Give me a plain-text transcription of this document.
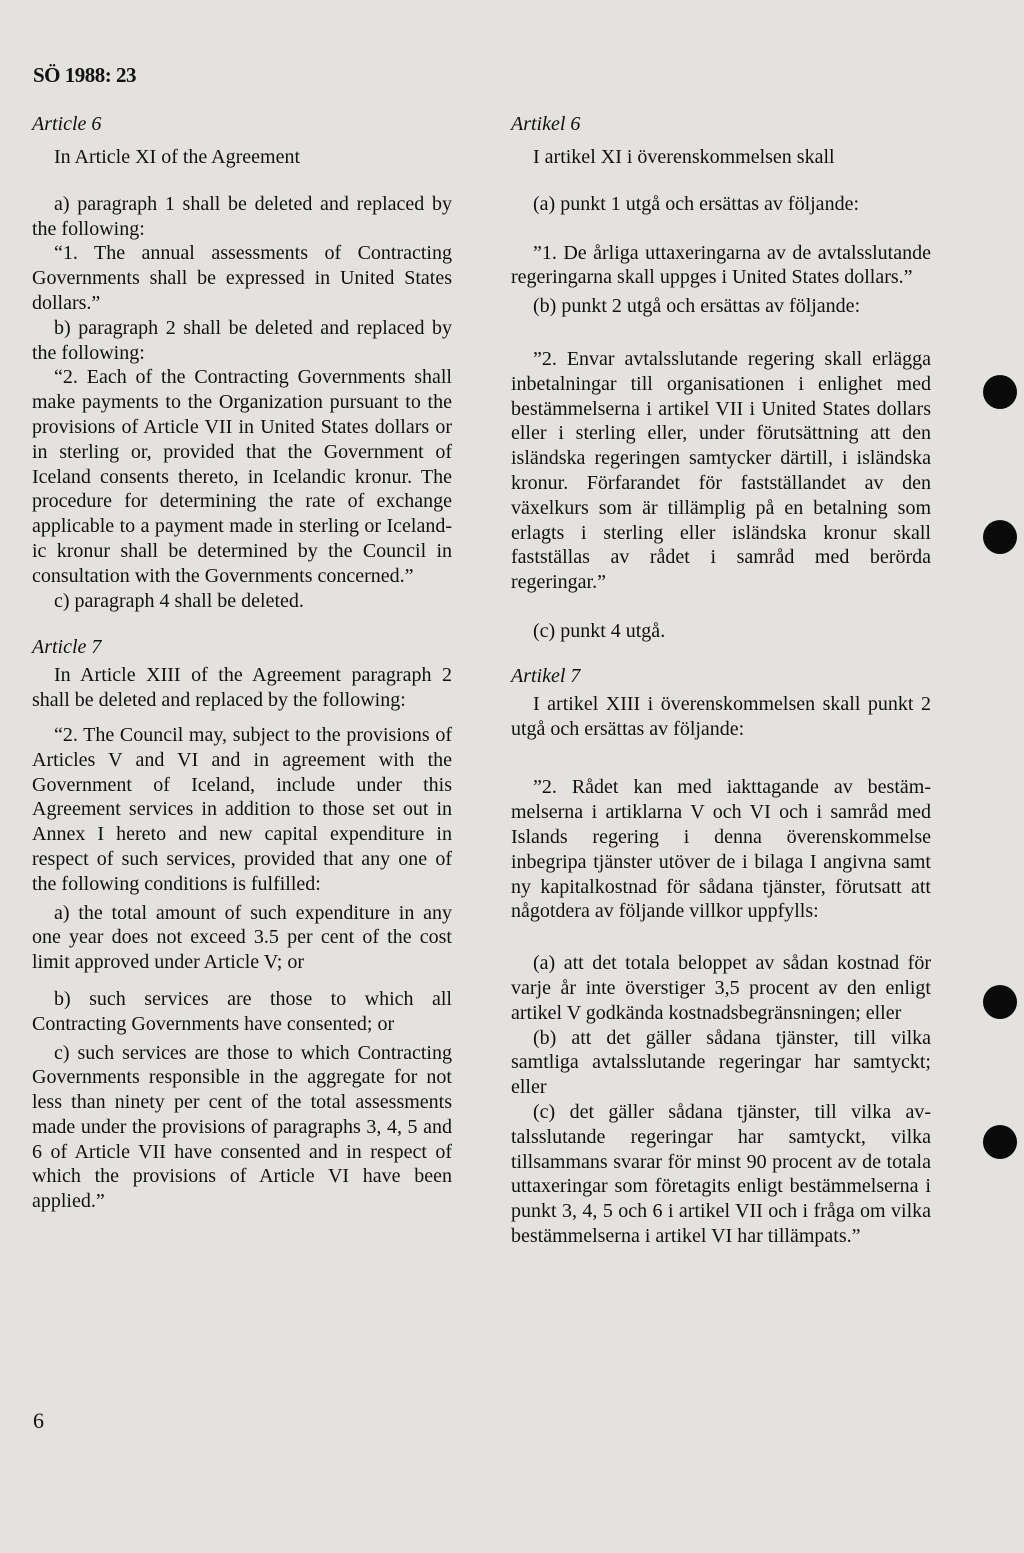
SÖ 1988: 23

Article 6

In Article XI of the Agreement

a) paragraph 1 shall be deleted and replaced by the following:

“1. The annual assessments of Contracting Governments shall be expressed in United States dollars.”

b) paragraph 2 shall be deleted and replaced by the following:

“2. Each of the Contracting Governments shall make payments to the Organization pursuant to the provisions of Article VII in United States dollars or in sterling or, provided that the Government of Iceland consents thereto, in Icelandic kronur. The procedure for determining the rate of exchange applicable to a payment made in sterling or Icelandic kronur shall be determined by the Council in consultation with the Governments concerned.”

c) paragraph 4 shall be deleted.

Article 7

In Article XIII of the Agreement paragraph 2 shall be deleted and replaced by the following:

“2. The Council may, subject to the provisions of Articles V and VI and in agreement with the Government of Iceland, include under this Agreement services in addition to those set out in Annex I hereto and new capital expenditure in respect of such services, provided that any one of the following conditions is fulfilled:

a) the total amount of such expenditure in any one year does not exceed 3.5 per cent of the cost limit approved under Article V; or

b) such services are those to which all Contracting Governments have consented; or

c) such services are those to which Contracting Governments responsible in the aggregate for not less than ninety per cent of the total assessments made under the provisions of paragraphs 3, 4, 5 and 6 of Article VII have consented and in respect of which the provisions of Article VI have been applied.”

Artikel 6

I artikel XI i överenskommelsen skall

(a) punkt 1 utgå och ersättas av följande:

”1. De årliga uttaxeringarna av de avtalsslutande regeringarna skall uppges i United States dollars.”

(b) punkt 2 utgå och ersättas av följande:

”2. Envar avtalsslutande regering skall erlägga inbetalningar till organisationen i enlighet med bestämmelserna i artikel VII i United States dollars eller i sterling eller, under förutsättning att den isländska regeringen samtycker därtill, i isländska kronur. Förfarandet för fastställandet av den växelkurs som är tillämplig på en betalning som erlagts i sterling eller isländska kronur skall fastställas av rådet i samråd med berörda regeringar.”

(c) punkt 4 utgå.

Artikel 7

I artikel XIII i överenskommelsen skall punkt 2 utgå och ersättas av följande:

”2. Rådet kan med iakttagande av bestämmelserna i artiklarna V och VI och i samråd med Islands regering i denna överenskommelse inbegripa tjänster utöver de i bilaga I angivna samt ny kapitalkostnad för sådana tjänster, förutsatt att någotdera av följande villkor uppfylls:

(a) att det totala beloppet av sådan kostnad för varje år inte överstiger 3,5 procent av den enligt artikel V godkända kostnadsbegränsningen; eller

(b) att det gäller sådana tjänster, till vilka samtliga avtalsslutande regeringar har samtyckt; eller

(c) det gäller sådana tjänster, till vilka avtalsslutande regeringar har samtyckt, vilka tillsammans svarar för minst 90 procent av de totala uttaxeringar som företagits enligt bestämmelserna i punkt 3, 4, 5 och 6 i artikel VII och i fråga om vilka bestämmelserna i artikel VI har tillämpats.”

6
